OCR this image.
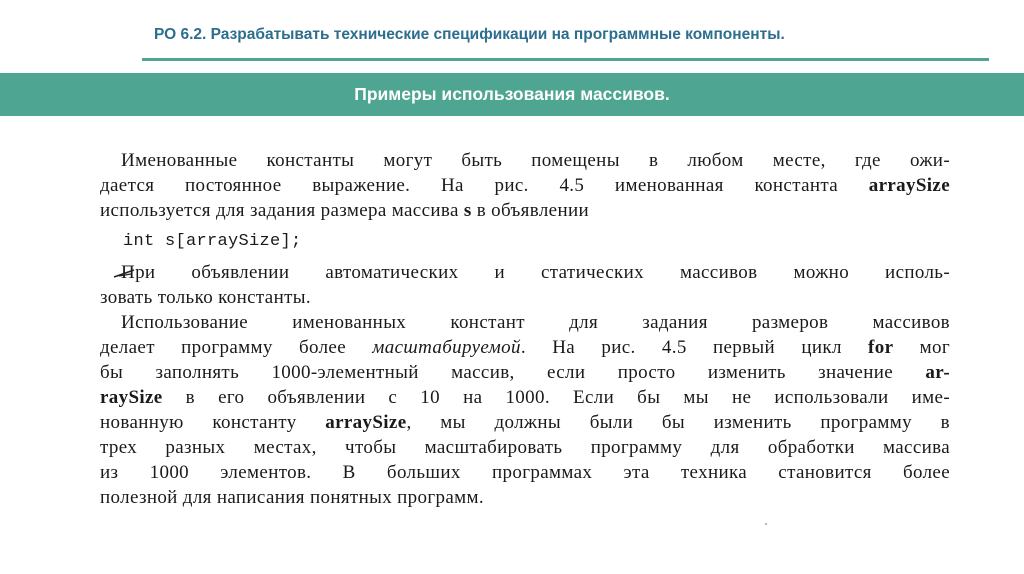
РО 6.2. Разрабатывать технические спецификации на программные компоненты.
Примеры использования массивов.
Именованные константы могут быть помещены в любом месте, где ожи-
дается постоянное выражение. На рис. 4.5 именованная константа arraySize
используется для задания размера массива s в объявлении
int s[arraySize];
При объявлении автоматических и статических массивов можно исполь-
зовать только константы.
Использование именованных констант для задания размеров массивов
делает программу более масштабируемой. На рис. 4.5 первый цикл for мог
бы заполнять 1000-элементный массив, если просто изменить значение ar-
raySize в его объявлении с 10 на 1000. Если бы мы не использовали име-
нованную константу arraySize, мы должны были бы изменить программу в
трех разных местах, чтобы масштабировать программу для обработки массива
из 1000 элементов. В больших программах эта техника становится более
полезной для написания понятных программ.
